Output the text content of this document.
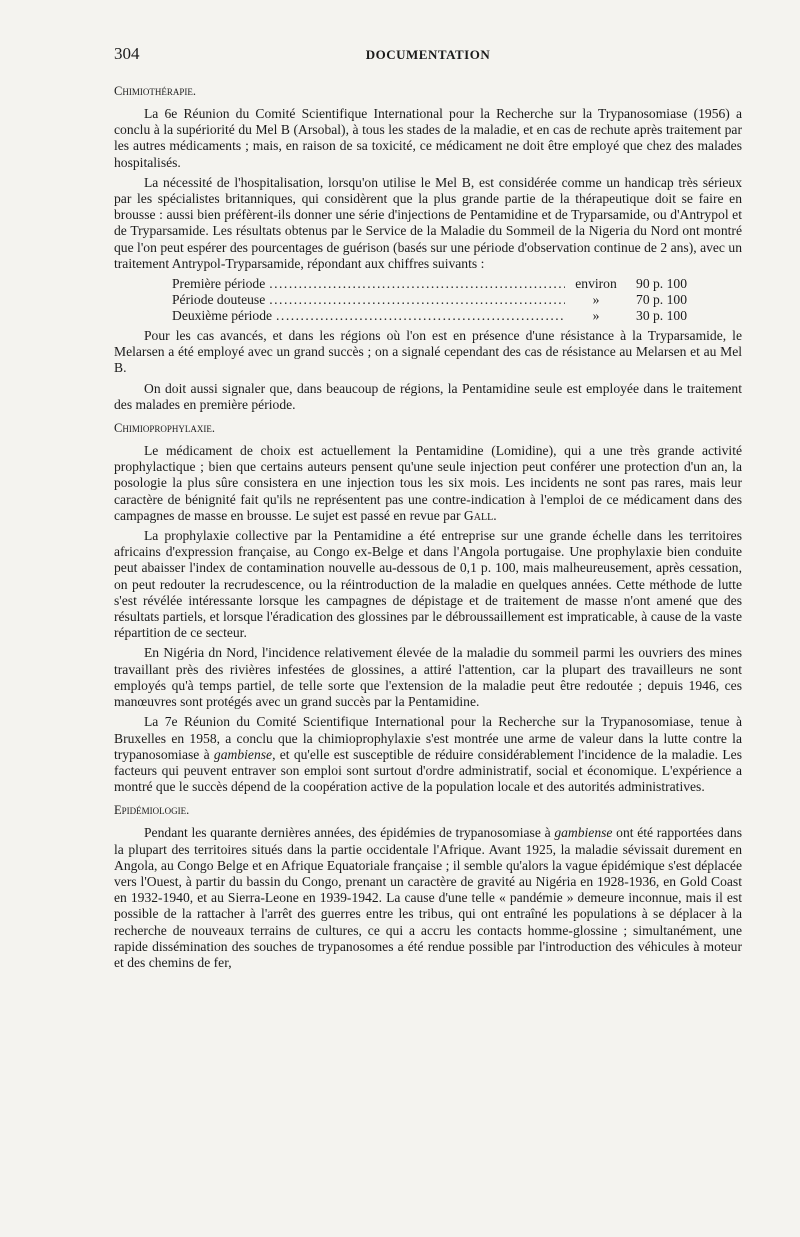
304	DOCUMENTATION
Chimiothérapie.

La 6e Réunion du Comité Scientifique International pour la Recherche sur la Trypanosomiase (1956) a conclu à la supériorité du Mel B (Arsobal), à tous les stades de la maladie, et en cas de rechute après traitement par les autres médicaments ; mais, en raison de sa toxicité, ce médicament ne doit être employé que chez des malades hospitalisés.

La nécessité de l'hospitalisation, lorsqu'on utilise le Mel B, est considérée comme un handicap très sérieux par les spécialistes britanniques, qui considèrent que la plus grande partie de la thérapeutique doit se faire en brousse : aussi bien préfèrent-ils donner une série d'injections de Pentamidine et de Tryparsamide, ou d'Antrypol et de Tryparsamide. Les résultats obtenus par le Service de la Maladie du Sommeil de la Nigeria du Nord ont montré que l'on peut espérer des pourcentages de guérison (basés sur une période d'observation continue de 2 ans), avec un traitement Antrypol-Tryparsamide, répondant aux chiffres suivants :

Première période .....	environ	90 p. 100
Période douteuse .....	»	70 p. 100
Deuxième période .....	»	30 p. 100

Pour les cas avancés, et dans les régions où l'on est en présence d'une résistance à la Tryparsamide, le Melarsen a été employé avec un grand succès ; on a signalé cependant des cas de résistance au Melarsen et au Mel B.

On doit aussi signaler que, dans beaucoup de régions, la Pentamidine seule est employée dans le traitement des malades en première période.

Chimioprophylaxie.

Le médicament de choix est actuellement la Pentamidine (Lomidine), qui a une très grande activité prophylactique ; bien que certains auteurs pensent qu'une seule injection peut conférer une protection d'un an, la posologie la plus sûre consistera en une injection tous les six mois. Les incidents ne sont pas rares, mais leur caractère de bénignité fait qu'ils ne représentent pas une contre-indication à l'emploi de ce médicament dans des campagnes de masse en brousse. Le sujet est passé en revue par Gall.

La prophylaxie collective par la Pentamidine a été entreprise sur une grande échelle dans les territoires africains d'expression française, au Congo ex-Belge et dans l'Angola portugaise. Une prophylaxie bien conduite peut abaisser l'index de contamination nouvelle au-dessous de 0,1 p. 100, mais malheureusement, après cessation, on peut redouter la recrudescence, ou la réintroduction de la maladie en quelques années. Cette méthode de lutte s'est révélée intéressante lorsque les campagnes de dépistage et de traitement de masse n'ont amené que des résultats partiels, et lorsque l'éradication des glossines par le débroussaillement est impraticable, à cause de la vaste répartition de ce secteur.

En Nigéria dn Nord, l'incidence relativement élevée de la maladie du sommeil parmi les ouvriers des mines travaillant près des rivières infestées de glossines, a attiré l'attention, car la plupart des travailleurs ne sont employés qu'à temps partiel, de telle sorte que l'extension de la maladie peut être redoutée ; depuis 1946, ces manœuvres sont protégés avec un grand succès par la Pentamidine.

La 7e Réunion du Comité Scientifique International pour la Recherche sur la Trypanosomiase, tenue à Bruxelles en 1958, a conclu que la chimioprophylaxie s'est montrée une arme de valeur dans la lutte contre la trypanosomiase à gambiense, et qu'elle est susceptible de réduire considérablement l'incidence de la maladie. Les facteurs qui peuvent entraver son emploi sont surtout d'ordre administratif, social et économique. L'expérience a montré que le succès dépend de la coopération active de la population locale et des autorités administratives.

Epidémiologie.

Pendant les quarante dernières années, des épidémies de trypanosomiase à gambiense ont été rapportées dans la plupart des territoires situés dans la partie occidentale l'Afrique. Avant 1925, la maladie sévissait durement en Angola, au Congo Belge et en Afrique Equatoriale française ; il semble qu'alors la vague épidémique s'est déplacée vers l'Ouest, à partir du bassin du Congo, prenant un caractère de gravité au Nigéria en 1928-1936, en Gold Coast en 1932-1940, et au Sierra-Leone en 1939-1942. La cause d'une telle « pandémie » demeure inconnue, mais il est possible de la rattacher à l'arrêt des guerres entre les tribus, qui ont entraîné les populations à se déplacer à la recherche de nouveaux terrains de cultures, ce qui a accru les contacts homme-glossine ; simultanément, une rapide dissémination des souches de trypanosomes a été rendue possible par l'introduction des véhicules à moteur et des chemins de fer,
